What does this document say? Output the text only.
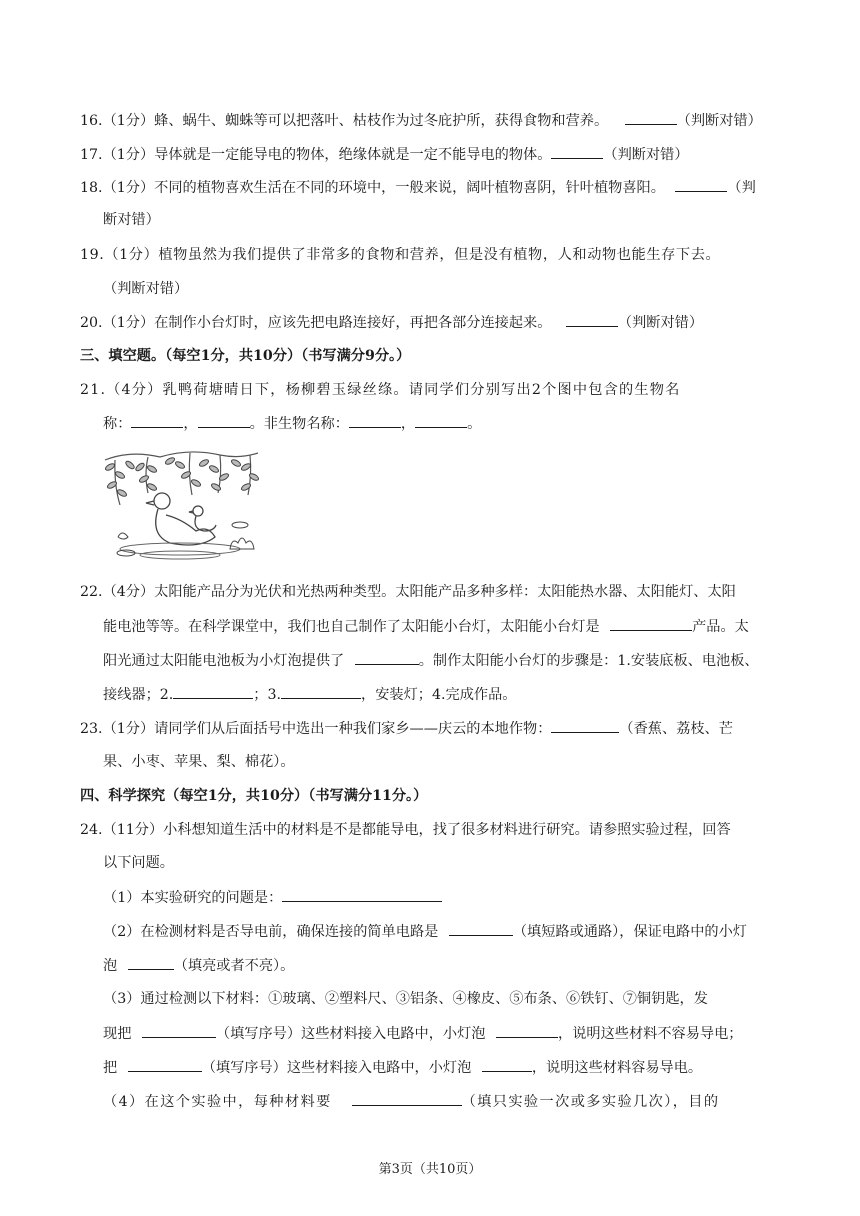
16.（1分）蜂、蜗牛、蜘蛛等可以把落叶、枯枝作为过冬庇护所，获得食物和营养。	（判断对错）
17.（1分）导体就是一定能导电的物体，绝缘体就是一定不能导电的物体。	（判断对错）
18.（1分）不同的植物喜欢生活在不同的环境中，一般来说，阔叶植物喜阴，针叶植物喜阳。	（判
断对错）
19.（1分）植物虽然为我们提供了非常多的食物和营养，但是没有植物，人和动物也能生存下去。
（判断对错）
20.（1分）在制作小台灯时，应该先把电路连接好，再把各部分连接起来。	（判断对错）
三、填空题。（每空1分，共10分）（书写满分9分。）
21.（4分）乳鸭荷塘晴日下，杨柳碧玉绿丝绦。请同学们分别写出2个图中包含的生物名
称：	，	。非生物名称：	，	。
22.（4分）太阳能产品分为光伏和光热两种类型。太阳能产品多种多样：太阳能热水器、太阳能灯、太阳
能电池等等。在科学课堂中，我们也自己制作了太阳能小台灯，太阳能小台灯是	产品。太
阳光通过太阳能电池板为小灯泡提供了	。制作太阳能小台灯的步骤是：1.安装底板、电池板、
接线器；2.	；3.	，安装灯；4.完成作品。
23.（1分）请同学们从后面括号中选出一种我们家乡——庆云的本地作物：	（香蕉、荔枝、芒
果、小枣、苹果、梨、棉花）。
四、科学探究（每空1分，共10分）（书写满分11分。）
24.（11分）小科想知道生活中的材料是不是都能导电，找了很多材料进行研究。请参照实验过程，回答
以下问题。
（1）本实验研究的问题是：
（2）在检测材料是否导电前，确保连接的简单电路是	（填短路或通路），保证电路中的小灯
泡	（填亮或者不亮）。
（3）通过检测以下材料：①玻璃、②塑料尺、③铝条、④橡皮、⑤布条、⑥铁钉、⑦铜钥匙，发
现把	（填写序号）这些材料接入电路中，小灯泡	，说明这些材料不容易导电；
把	（填写序号）这些材料接入电路中，小灯泡	，说明这些材料容易导电。
（4）在这个实验中，每种材料要	（填只实验一次或多实验几次），目的
第3页（共10页）
